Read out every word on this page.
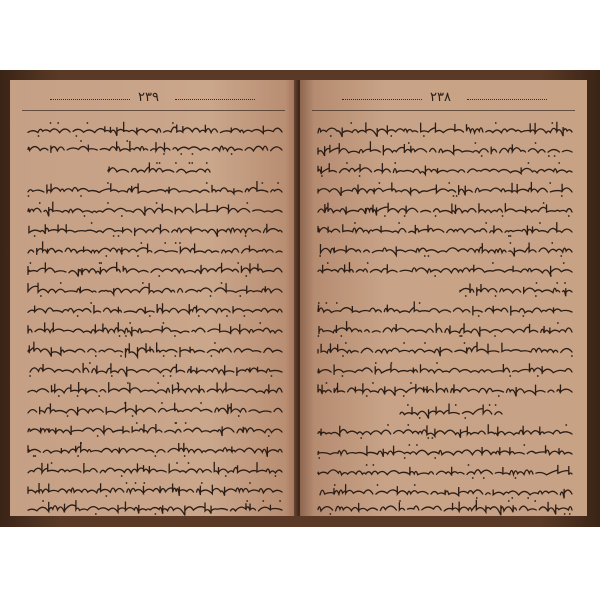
٢٣٩	٢٣٨
